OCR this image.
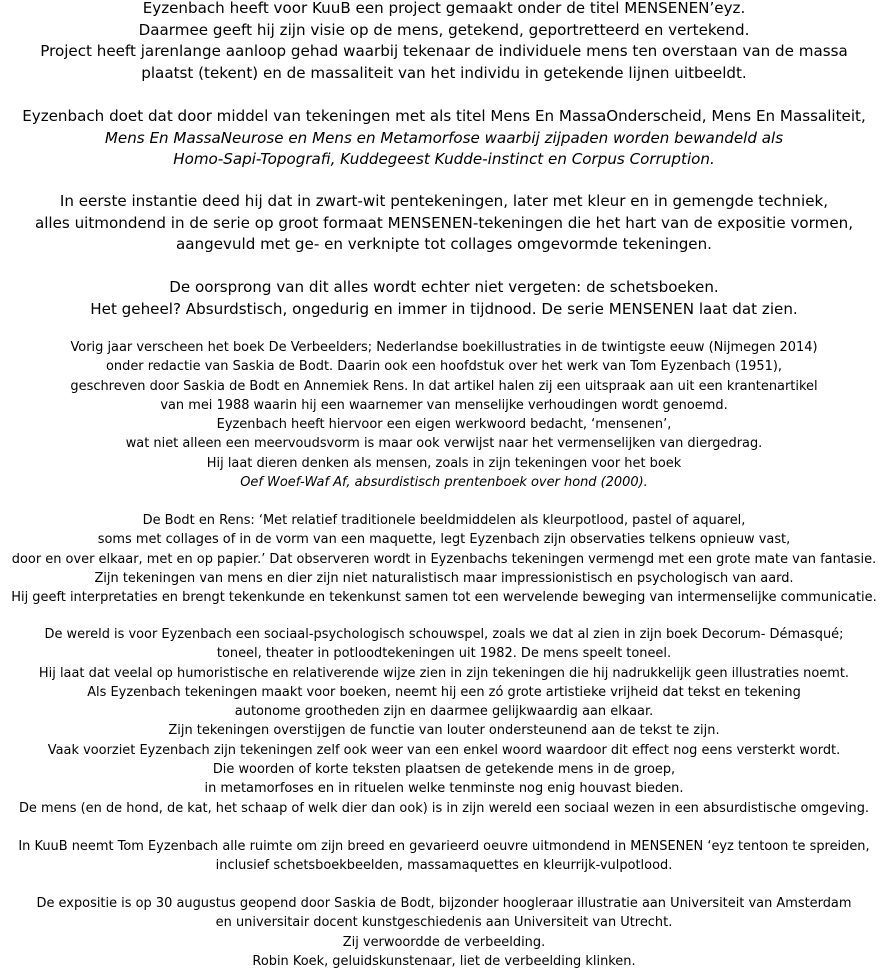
Eyzenbach heeft voor KuuB een project gemaakt onder de titel MENSENEN’eyz.
Daarmee geeft hij zijn visie op de mens, getekend, geportretteerd en vertekend.
Project heeft jarenlange aanloop gehad waarbij tekenaar de individuele mens ten overstaan van de massa
plaatst (tekent) en de massaliteit van het individu in getekende lijnen uitbeeldt.

Eyzenbach doet dat door middel van tekeningen met als titel Mens En MassaOnderscheid, Mens En Massaliteit,
Mens En MassaNeurose en Mens en Metamorfose waarbij zijpaden worden bewandeld als
Homo-Sapi-Topografi, Kuddegeest Kudde-instinct en Corpus Corruption.

In eerste instantie deed hij dat in zwart-wit pentekeningen, later met kleur en in gemengde techniek,
alles uitmondend in de serie op groot formaat MENSENEN-tekeningen die het hart van de expositie vormen,
aangevuld met ge- en verknipte tot collages omgevormde tekeningen.

De oorsprong van dit alles wordt echter niet vergeten: de schetsboeken.
Het geheel? Absurdstisch, ongedurig en immer in tijdnood. De serie MENSENEN laat dat zien.

Vorig jaar verscheen het boek De Verbeelders; Nederlandse boekillustraties in de twintigste eeuw (Nijmegen 2014)
onder redactie van Saskia de Bodt. Daarin ook een hoofdstuk over het werk van Tom Eyzenbach (1951),
geschreven door Saskia de Bodt en Annemiek Rens. In dat artikel halen zij een uitspraak aan uit een krantenartikel
van mei 1988 waarin hij een waarnemer van menselijke verhoudingen wordt genoemd.
Eyzenbach heeft hiervoor een eigen werkwoord bedacht, ‘mensenen’,
wat niet alleen een meervoudsvorm is maar ook verwijst naar het vermenselijken van diergedrag.
Hij laat dieren denken als mensen, zoals in zijn tekeningen voor het boek
Oef Woef-Waf Af, absurdistisch prentenboek over hond (2000).

De Bodt en Rens: ‘Met relatief traditionele beeldmiddelen als kleurpotlood, pastel of aquarel,
soms met collages of in de vorm van een maquette, legt Eyzenbach zijn observaties telkens opnieuw vast,
door en over elkaar, met en op papier.’ Dat observeren wordt in Eyzenbachs tekeningen vermengd met een grote mate van fantasie.
Zijn tekeningen van mens en dier zijn niet naturalistisch maar impressionistisch en psychologisch van aard.
Hij geeft interpretaties en brengt tekenkunde en tekenkunst samen tot een wervelende beweging van intermenselijke communicatie.

De wereld is voor Eyzenbach een sociaal-psychologisch schouwspel, zoals we dat al zien in zijn boek Decorum- Démasqué;
toneel, theater in potloodtekeningen uit 1982. De mens speelt toneel.
Hij laat dat veelal op humoristische en relativerende wijze zien in zijn tekeningen die hij nadrukkelijk geen illustraties noemt.
Als Eyzenbach tekeningen maakt voor boeken, neemt hij een zó grote artistieke vrijheid dat tekst en tekening
autonome grootheden zijn en daarmee gelijkwaardig aan elkaar.
Zijn tekeningen overstijgen de functie van louter ondersteunend aan de tekst te zijn.
Vaak voorziet Eyzenbach zijn tekeningen zelf ook weer van een enkel woord waardoor dit effect nog eens versterkt wordt.
Die woorden of korte teksten plaatsen de getekende mens in de groep,
in metamorfoses en in rituelen welke tenminste nog enig houvast bieden.
De mens (en de hond, de kat, het schaap of welk dier dan ook) is in zijn wereld een sociaal wezen in een absurdistische omgeving.

In KuuB neemt Tom Eyzenbach alle ruimte om zijn breed en gevarieerd oeuvre uitmondend in MENSENEN ‘eyz tentoon te spreiden,
inclusief schetsboekbeelden, massamaquettes en kleurrijk-vulpotlood.

De expositie is op 30 augustus geopend door Saskia de Bodt, bijzonder hoogleraar illustratie aan Universiteit van Amsterdam
en universitair docent kunstgeschiedenis aan Universiteit van Utrecht.
Zij verwoordde de verbeelding.
Robin Koek, geluidskunstenaar, liet de verbeelding klinken.
